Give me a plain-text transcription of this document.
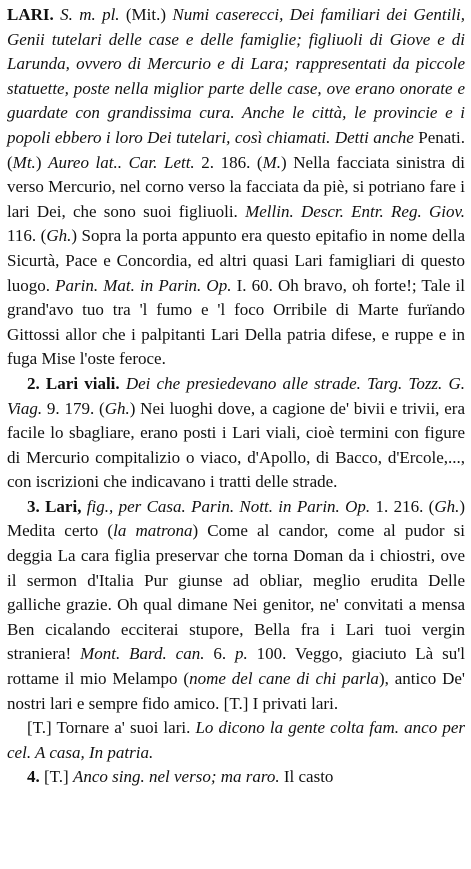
LARI. S. m. pl. (Mit.) Numi caserecci, Dei familiari dei Gentili, Genii tutelari delle case e delle famiglie; figliuoli di Giove e di Larunda, ovvero di Mercurio e di Lara; rappresentati da piccole statuette, poste nella miglior parte delle case, ove erano onorate e guardate con grandissima cura. Anche le città, le provincie e i popoli ebbero i loro Dei tutelari, così chiamati. Detti anche Penati. (Mt.) Aureo lat.. Car. Lett. 2. 186. (M.) Nella facciata sinistra di verso Mercurio, nel corno verso la facciata da piè, si potriano fare i lari Dei, che sono suoi figliuoli. Mellin. Descr. Entr. Reg. Giov. 116. (Gh.) Sopra la porta appunto era questo epitafio in nome della Sicurtà, Pace e Concordia, ed altri quasi Lari famigliari di questo luogo. Parin. Mat. in Parin. Op. I. 60. Oh bravo, oh forte!; Tale il grand'avo tuo tra 'l fumo e 'l foco Orribile di Marte furïando Gittossi allor che i palpitanti Lari Della patria difese, e ruppe e in fuga Mise l'oste feroce.

2. Lari viali. Dei che presiedevano alle strade. Targ. Tozz. G. Viag. 9. 179. (Gh.) Nei luoghi dove, a cagione de' bivii e trivii, era facile lo sbagliare, erano posti i Lari viali, cioè termini con figure di Mercurio compitalizio o viaco, d'Apollo, di Bacco, d'Ercole,..., con iscrizioni che indicavano i tratti delle strade.

3. Lari, fig., per Casa. Parin. Nott. in Parin. Op. 1. 216. (Gh.) Medita certo (la matrona) Come al candor, come al pudor si deggia La cara figlia preservar che torna Doman da i chiostri, ove il sermon d'Italia Pur giunse ad obliar, meglio erudita Delle galliche grazie. Oh qual dimane Nei genitor, ne' convitati a mensa Ben cicalando ecciterai stupore, Bella fra i Lari tuoi vergin straniera! Mont. Bard. can. 6. p. 100. Veggo, giaciuto Là su'l rottame il mio Melampo (nome del cane di chi parla), antico De' nostri lari e sempre fido amico. [T.] I privati lari.

[T.] Tornare a' suoi lari. Lo dicono la gente colta fam. anco per cel. A casa, In patria.

4. [T.] Anco sing. nel verso; ma raro. Il casto
